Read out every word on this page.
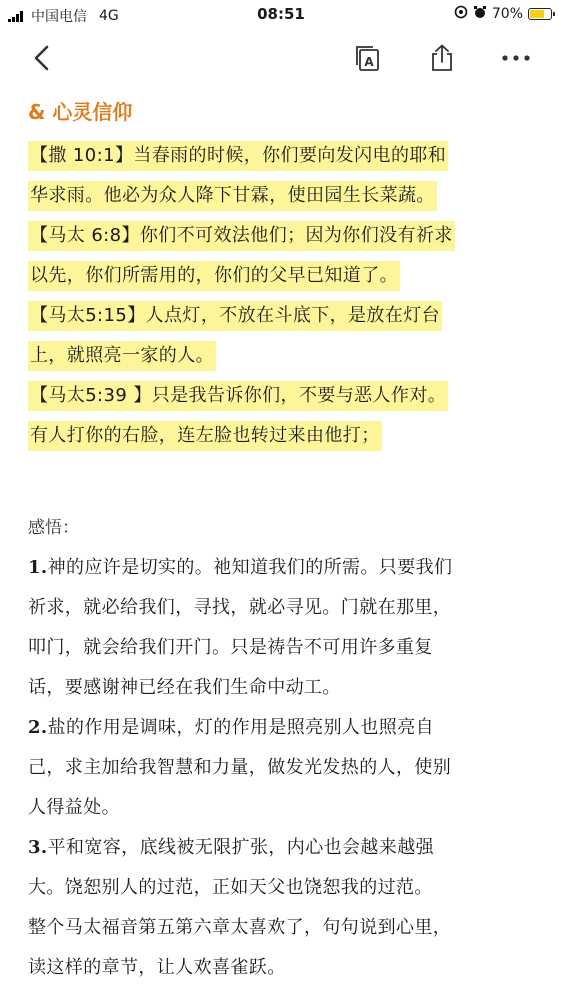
中国电信 4G	08:51	70%
A
& 心灵信仰
【撒 10:1】当春雨的时候，你们要向发闪电的耶和
华求雨。他必为众人降下甘霖，使田园生长菜蔬。
【马太 6:8】你们不可效法他们；因为你们没有祈求
以先，你们所需用的，你们的父早已知道了。
【马太5:15】人点灯，不放在斗底下，是放在灯台
上，就照亮一家的人。
【马太5:39 】只是我告诉你们，不要与恶人作对。
有人打你的右脸，连左脸也转过来由他打；
感悟：
1.神的应许是切实的。祂知道我们的所需。只要我们
祈求，就必给我们，寻找，就必寻见。门就在那里，
叩门，就会给我们开门。只是祷告不可用许多重复
话，要感谢神已经在我们生命中动工。
2.盐的作用是调味，灯的作用是照亮别人也照亮自
己，求主加给我智慧和力量，做发光发热的人，使别
人得益处。
3.平和宽容，底线被无限扩张，内心也会越来越强
大。饶恕别人的过范，正如天父也饶恕我的过范。
整个马太福音第五第六章太喜欢了，句句说到心里，
读这样的章节，让人欢喜雀跃。
